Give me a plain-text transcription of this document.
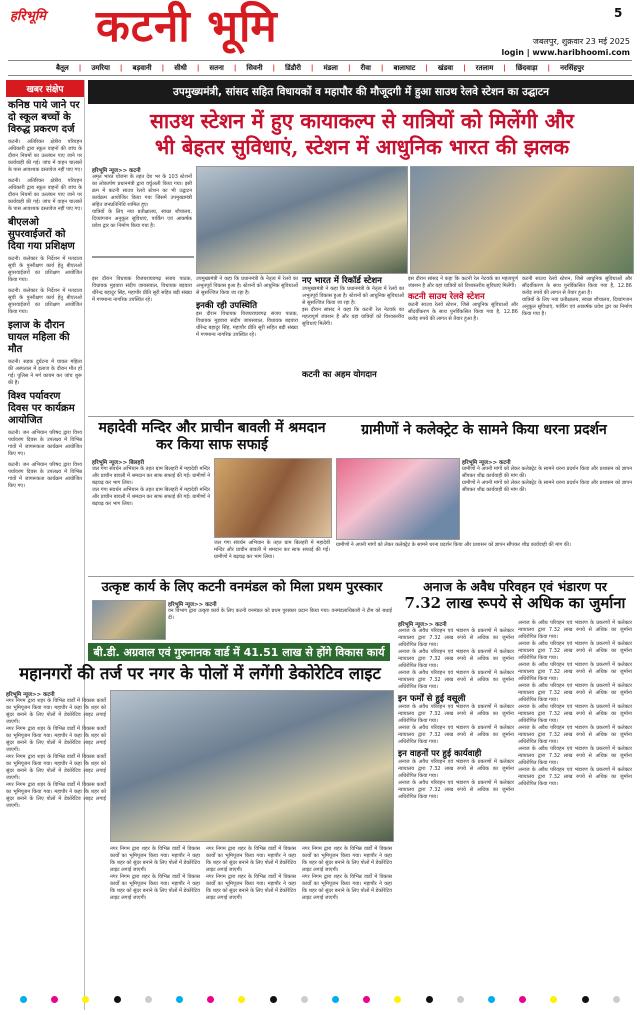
हरिभूमि कटनी भूमि	5
जबलपुर, शुक्रवार 23 मई 2025
login | www.haribhoomi.com
बैतूल | उमरिया | बड़वानी | सीधी | सतना | सिवनी | डिंडौरी | मंडला | रीवा | बालाघाट | खंडवा | रतलाम | छिंदवाड़ा | नरसिंहपुर
खबर संक्षेप
कनिष्ठ पाये जाने पर दो स्कूल बच्चों के विरुद्ध प्रकरण दर्ज
कटनी। अतिरिक्त क्षेत्रीय परिवहन अधिकारी द्वारा स्कूल वाहनों की जांच के दौरान नियमों का उल्लंघन पाए जाने पर कार्यवाही की गई। जांच में वाहन चालकों के पास आवश्यक दस्तावेज नहीं पाए गए।
कटनी। अतिरिक्त क्षेत्रीय परिवहन अधिकारी द्वारा स्कूल वाहनों की जांच के दौरान नियमों का उल्लंघन पाए जाने पर कार्यवाही की गई। जांच में वाहन चालकों के पास आवश्यक दस्तावेज नहीं पाए गए।
बीएलओ सुपरवाईजरों को दिया गया प्रशिक्षण
कटनी। कलेक्टर के निर्देशन में मतदाता सूची के पुनरीक्षण कार्य हेतु बीएलओ सुपरवाईजरों का प्रशिक्षण आयोजित किया गया।
कटनी। कलेक्टर के निर्देशन में मतदाता सूची के पुनरीक्षण कार्य हेतु बीएलओ सुपरवाईजरों का प्रशिक्षण आयोजित किया गया।
इलाज के दौरान घायल महिला की मौत
कटनी। सड़क दुर्घटना में घायल महिला की अस्पताल में इलाज के दौरान मौत हो गई। पुलिस ने मर्ग कायम कर जांच शुरू की है।
विश्व पर्यावरण दिवस पर कार्यक्रम आयोजित
कटनी। जन अभियान परिषद द्वारा विश्व पर्यावरण दिवस के उपलक्ष्य में विभिन्न गांवों में जागरूकता कार्यक्रम आयोजित किए गए।
कटनी। जन अभियान परिषद द्वारा विश्व पर्यावरण दिवस के उपलक्ष्य में विभिन्न गांवों में जागरूकता कार्यक्रम आयोजित किए गए।
उपमुख्यमंत्री, सांसद सहित विधायकों व महापौर की मौजूदगी में हुआ साउथ रेलवे स्टेशन का उद्घाटन
साउथ स्टेशन में हुए कायाकल्प से यात्रियों को मिलेंगी और
भी बेहतर सुविधाएं, स्टेशन में आधुनिक भारत की झलक
हरिभूमि न्यूज>> कटनी
अमृत भारत योजना के तहत देश भर के 103 स्टेशनों का लोकार्पण प्रधानमंत्री द्वारा वर्चुअली किया गया। इसी क्रम में कटनी साउथ रेलवे स्टेशन का भी उद्घाटन कार्यक्रम आयोजित किया गया जिसमें उपमुख्यमंत्री सहित जनप्रतिनिधि शामिल हुए।
यात्रियों के लिए नया प्रतीक्षालय, स्वच्छ शौचालय, दिव्यांगजन अनुकूल सुविधाएं, पार्किंग एवं आकर्षक प्रवेश द्वार का निर्माण किया गया है।
इस दौरान विधायक विजयराघवगढ़ संजय पाठक, विधायक मुड़वारा संदीप जायसवाल, विधायक बड़वारा धीरेन्द्र बहादुर सिंह, महापौर प्रीति सूरी सहित बड़ी संख्या में गणमान्य नागरिक उपस्थित रहे।
उपमुख्यमंत्री ने कहा कि प्रधानमंत्री के नेतृत्व में रेलवे का अभूतपूर्व विकास हुआ है। स्टेशनों को आधुनिक सुविधाओं से सुसज्जित किया जा रहा है।
इनकी रही उपस्थिति
इस दौरान विधायक विजयराघवगढ़ संजय पाठक, विधायक मुड़वारा संदीप जायसवाल, विधायक बड़वारा धीरेन्द्र बहादुर सिंह, महापौर प्रीति सूरी सहित बड़ी संख्या में गणमान्य नागरिक उपस्थित रहे।
नए भारत में रिकॉर्ड स्टेशन
उपमुख्यमंत्री ने कहा कि प्रधानमंत्री के नेतृत्व में रेलवे का अभूतपूर्व विकास हुआ है। स्टेशनों को आधुनिक सुविधाओं से सुसज्जित किया जा रहा है।
इस दौरान सांसद ने कहा कि कटनी रेल नेटवर्क का महत्वपूर्ण जंक्शन है और यहां यात्रियों को विश्वस्तरीय सुविधाएं मिलेंगी।
इस दौरान सांसद ने कहा कि कटनी रेल नेटवर्क का महत्वपूर्ण जंक्शन है और यहां यात्रियों को विश्वस्तरीय सुविधाएं मिलेंगी।
कटनी साउथ रेलवे स्टेशन
कटनी साउथ रेलवे स्टेशन, जिसे आधुनिक सुविधाओं और सौंदर्यीकरण के साथ पुनर्विकसित किया गया है, 12.86 करोड़ रुपये की लागत से तैयार हुआ है।
कटनी साउथ रेलवे स्टेशन, जिसे आधुनिक सुविधाओं और सौंदर्यीकरण के साथ पुनर्विकसित किया गया है, 12.86 करोड़ रुपये की लागत से तैयार हुआ है।
यात्रियों के लिए नया प्रतीक्षालय, स्वच्छ शौचालय, दिव्यांगजन अनुकूल सुविधाएं, पार्किंग एवं आकर्षक प्रवेश द्वार का निर्माण किया गया है।
कटनी का अहम योगदान
महादेवी मन्दिर और प्राचीन बावली में श्रमदान कर किया साफ सफाई
हरिभूमि न्यूज>> बिलहरी
जल गंगा संवर्धन अभियान के तहत ग्राम बिलहरी में महादेवी मन्दिर और प्राचीन बावली में श्रमदान कर साफ सफाई की गई। ग्रामीणों ने बढ़चढ़ कर भाग लिया।
जल गंगा संवर्धन अभियान के तहत ग्राम बिलहरी में महादेवी मन्दिर और प्राचीन बावली में श्रमदान कर साफ सफाई की गई। ग्रामीणों ने बढ़चढ़ कर भाग लिया।
जल गंगा संवर्धन अभियान के तहत ग्राम बिलहरी में महादेवी मन्दिर और प्राचीन बावली में श्रमदान कर साफ सफाई की गई। ग्रामीणों ने बढ़चढ़ कर भाग लिया।
ग्रामीणों ने कलेक्ट्रेट के सामने किया धरना प्रदर्शन
हरिभूमि न्यूज>> कटनी
ग्रामीणों ने अपनी मांगों को लेकर कलेक्ट्रेट के सामने धरना प्रदर्शन किया और प्रशासन को ज्ञापन सौंपकर शीघ्र कार्यवाही की मांग की।
ग्रामीणों ने अपनी मांगों को लेकर कलेक्ट्रेट के सामने धरना प्रदर्शन किया और प्रशासन को ज्ञापन सौंपकर शीघ्र कार्यवाही की मांग की।
ग्रामीणों ने अपनी मांगों को लेकर कलेक्ट्रेट के सामने धरना प्रदर्शन किया और प्रशासन को ज्ञापन सौंपकर शीघ्र कार्यवाही की मांग की।
उत्कृष्ट कार्य के लिए कटनी वनमंडल को मिला प्रथम पुरस्कार
हरिभूमि न्यूज>> कटनी
वन विभाग द्वारा उत्कृष्ट कार्य के लिए कटनी वनमंडल को प्रथम पुरस्कार प्रदान किया गया। वनमंडलाधिकारी ने टीम को बधाई दी।
अनाज के अवैध परिवहन एवं भंडारण पर
7.32 लाख रूपये से अधिक का जुर्माना
हरिभूमि न्यूज>> कटनी
अनाज के अवैध परिवहन एवं भंडारण के प्रकरणों में कलेक्टर न्यायालय द्वारा 7.32 लाख रुपये से अधिक का जुर्माना अधिरोपित किया गया।
अनाज के अवैध परिवहन एवं भंडारण के प्रकरणों में कलेक्टर न्यायालय द्वारा 7.32 लाख रुपये से अधिक का जुर्माना अधिरोपित किया गया।
अनाज के अवैध परिवहन एवं भंडारण के प्रकरणों में कलेक्टर न्यायालय द्वारा 7.32 लाख रुपये से अधिक का जुर्माना अधिरोपित किया गया।
इन फर्मों से हुई वसूली
अनाज के अवैध परिवहन एवं भंडारण के प्रकरणों में कलेक्टर न्यायालय द्वारा 7.32 लाख रुपये से अधिक का जुर्माना अधिरोपित किया गया।
अनाज के अवैध परिवहन एवं भंडारण के प्रकरणों में कलेक्टर न्यायालय द्वारा 7.32 लाख रुपये से अधिक का जुर्माना अधिरोपित किया गया।
इन वाहनों पर हुई कार्यवाही
अनाज के अवैध परिवहन एवं भंडारण के प्रकरणों में कलेक्टर न्यायालय द्वारा 7.32 लाख रुपये से अधिक का जुर्माना अधिरोपित किया गया।
अनाज के अवैध परिवहन एवं भंडारण के प्रकरणों में कलेक्टर न्यायालय द्वारा 7.32 लाख रुपये से अधिक का जुर्माना अधिरोपित किया गया।
अनाज के अवैध परिवहन एवं भंडारण के प्रकरणों में कलेक्टर न्यायालय द्वारा 7.32 लाख रुपये से अधिक का जुर्माना अधिरोपित किया गया।
अनाज के अवैध परिवहन एवं भंडारण के प्रकरणों में कलेक्टर न्यायालय द्वारा 7.32 लाख रुपये से अधिक का जुर्माना अधिरोपित किया गया।
अनाज के अवैध परिवहन एवं भंडारण के प्रकरणों में कलेक्टर न्यायालय द्वारा 7.32 लाख रुपये से अधिक का जुर्माना अधिरोपित किया गया।
अनाज के अवैध परिवहन एवं भंडारण के प्रकरणों में कलेक्टर न्यायालय द्वारा 7.32 लाख रुपये से अधिक का जुर्माना अधिरोपित किया गया।
अनाज के अवैध परिवहन एवं भंडारण के प्रकरणों में कलेक्टर न्यायालय द्वारा 7.32 लाख रुपये से अधिक का जुर्माना अधिरोपित किया गया।
अनाज के अवैध परिवहन एवं भंडारण के प्रकरणों में कलेक्टर न्यायालय द्वारा 7.32 लाख रुपये से अधिक का जुर्माना अधिरोपित किया गया।
अनाज के अवैध परिवहन एवं भंडारण के प्रकरणों में कलेक्टर न्यायालय द्वारा 7.32 लाख रुपये से अधिक का जुर्माना अधिरोपित किया गया।
अनाज के अवैध परिवहन एवं भंडारण के प्रकरणों में कलेक्टर न्यायालय द्वारा 7.32 लाख रुपये से अधिक का जुर्माना अधिरोपित किया गया।
बी.डी. अग्रवाल एवं गुरुनानक वार्ड में 41.51 लाख से होंगे विकास कार्य
महानगरों की तर्ज पर नगर के पोलों में लगेंगी डेकोरेटिव लाइट
हरिभूमि न्यूज>> कटनी
नगर निगम द्वारा शहर के विभिन्न वार्डों में विकास कार्यों का भूमिपूजन किया गया। महापौर ने कहा कि शहर को सुंदर बनाने के लिए पोलों में डेकोरेटिव लाइट लगाई जाएगी।
नगर निगम द्वारा शहर के विभिन्न वार्डों में विकास कार्यों का भूमिपूजन किया गया। महापौर ने कहा कि शहर को सुंदर बनाने के लिए पोलों में डेकोरेटिव लाइट लगाई जाएगी।
नगर निगम द्वारा शहर के विभिन्न वार्डों में विकास कार्यों का भूमिपूजन किया गया। महापौर ने कहा कि शहर को सुंदर बनाने के लिए पोलों में डेकोरेटिव लाइट लगाई जाएगी।
नगर निगम द्वारा शहर के विभिन्न वार्डों में विकास कार्यों का भूमिपूजन किया गया। महापौर ने कहा कि शहर को सुंदर बनाने के लिए पोलों में डेकोरेटिव लाइट लगाई जाएगी।
नगर निगम द्वारा शहर के विभिन्न वार्डों में विकास कार्यों का भूमिपूजन किया गया। महापौर ने कहा कि शहर को सुंदर बनाने के लिए पोलों में डेकोरेटिव लाइट लगाई जाएगी।
नगर निगम द्वारा शहर के विभिन्न वार्डों में विकास कार्यों का भूमिपूजन किया गया। महापौर ने कहा कि शहर को सुंदर बनाने के लिए पोलों में डेकोरेटिव लाइट लगाई जाएगी।
नगर निगम द्वारा शहर के विभिन्न वार्डों में विकास कार्यों का भूमिपूजन किया गया। महापौर ने कहा कि शहर को सुंदर बनाने के लिए पोलों में डेकोरेटिव लाइट लगाई जाएगी।
नगर निगम द्वारा शहर के विभिन्न वार्डों में विकास कार्यों का भूमिपूजन किया गया। महापौर ने कहा कि शहर को सुंदर बनाने के लिए पोलों में डेकोरेटिव लाइट लगाई जाएगी।
नगर निगम द्वारा शहर के विभिन्न वार्डों में विकास कार्यों का भूमिपूजन किया गया। महापौर ने कहा कि शहर को सुंदर बनाने के लिए पोलों में डेकोरेटिव लाइट लगाई जाएगी।
नगर निगम द्वारा शहर के विभिन्न वार्डों में विकास कार्यों का भूमिपूजन किया गया। महापौर ने कहा कि शहर को सुंदर बनाने के लिए पोलों में डेकोरेटिव लाइट लगाई जाएगी।
